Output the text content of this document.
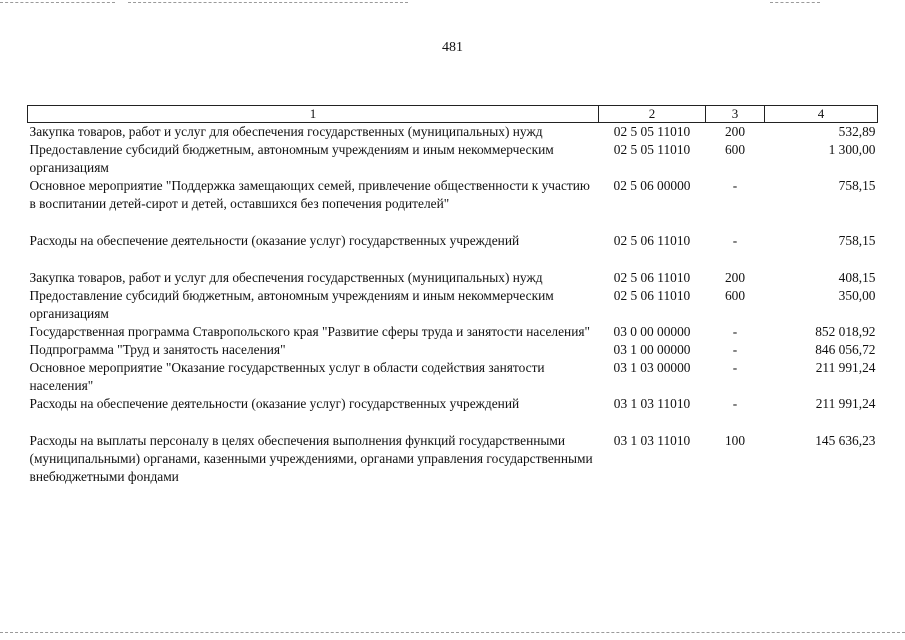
481
1	2	3	4
Закупка товаров, работ и услуг для обеспечения государственных (муниципальных) нужд	02 5 05 11010	200	532,89
Предоставление субсидий бюджетным, автономным учреждениям и иным некоммерческим организациям	02 5 05 11010	600	1 300,00
Основное мероприятие "Поддержка замещающих семей, привлечение общественности к участию в воспитании детей-сирот и детей, оставшихся без попечения родителей"	02 5 06 00000	-	758,15
Расходы на обеспечение деятельности (оказание услуг) государственных учреждений	02 5 06 11010	-	758,15
Закупка товаров, работ и услуг для обеспечения государственных (муниципальных) нужд	02 5 06 11010	200	408,15
Предоставление субсидий бюджетным, автономным учреждениям и иным некоммерческим организациям	02 5 06 11010	600	350,00
Государственная программа Ставропольского края "Развитие сферы труда и занятости населения"	03 0 00 00000	-	852 018,92
Подпрограмма "Труд и занятость населения"	03 1 00 00000	-	846 056,72
Основное мероприятие "Оказание государственных услуг в области содействия занятости населения"	03 1 03 00000	-	211 991,24
Расходы на обеспечение деятельности (оказание услуг) государственных учреждений	03 1 03 11010	-	211 991,24
Расходы на выплаты персоналу в целях обеспечения выполнения функций государственными (муниципальными) органами, казенными учреждениями, органами управления государственными внебюджетными фондами	03 1 03 11010	100	145 636,23
